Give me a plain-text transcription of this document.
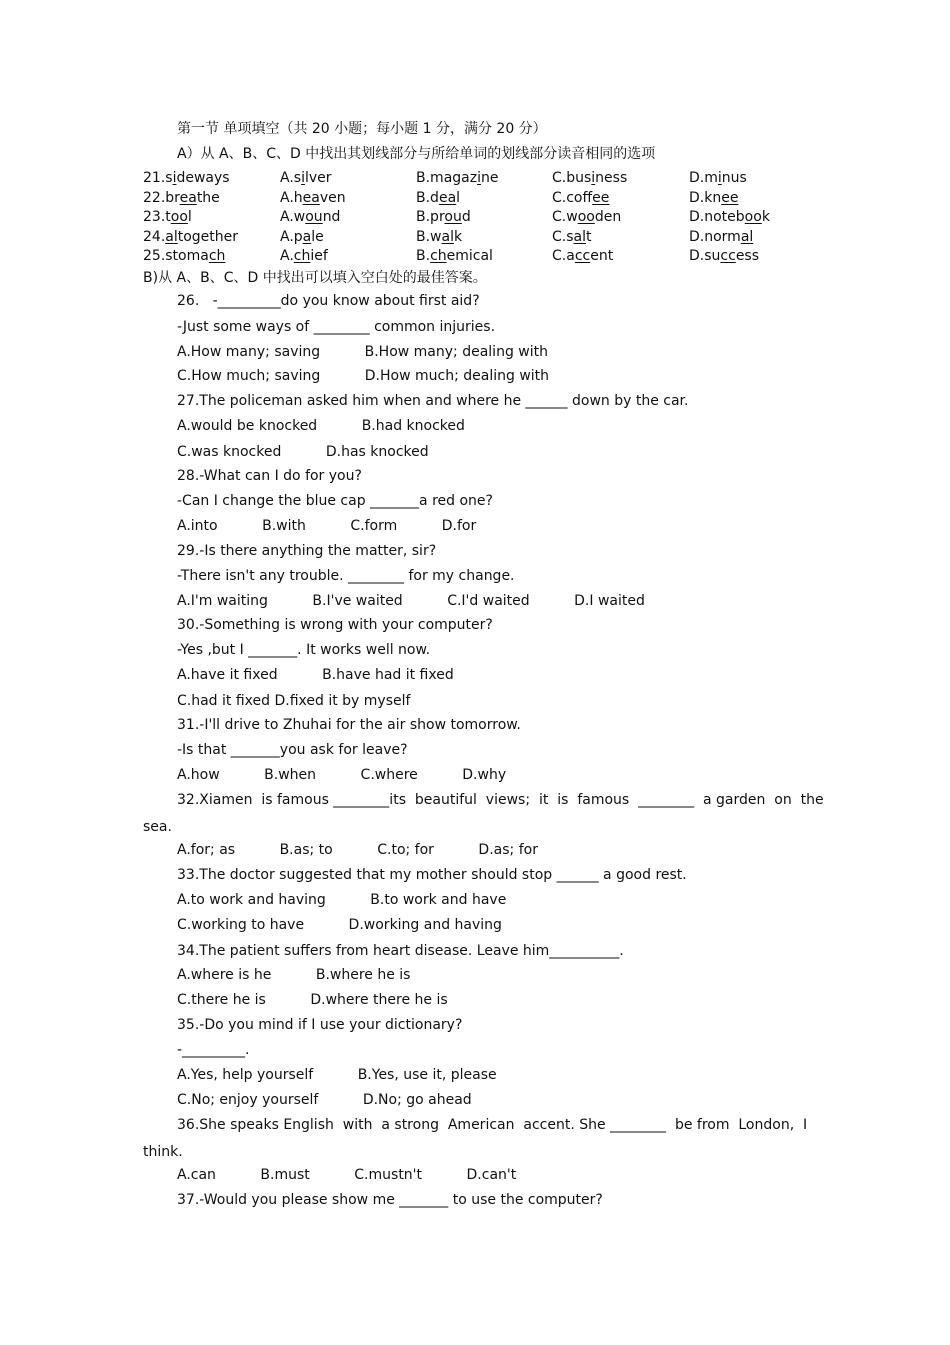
第一节 单项填空（共 20 小题；每小题 1 分，满分 20 分）
A）从 A、B、C、D 中找出其划线部分与所给单词的划线部分读音相同的选项
21.sideways	A.silver	B.magazine	C.business	D.minus
22.breathe	A.heaven	B.deal	C.coffee	D.knee
23.tool	A.wound	B.proud	C.wooden	D.notebook
24.altogether	A.pale	B.walk	C.salt	D.normal
25.stomach	A.chief	B.chemical	C.accent	D.success
B)从 A、B、C、D 中找出可以填入空白处的最佳答案。
26.   -_________do you know about first aid?
-Just some ways of ________ common injuries.
A.How many; saving          B.How many; dealing with
C.How much; saving          D.How much; dealing with
27.The policeman asked him when and where he ______ down by the car.
A.would be knocked          B.had knocked
C.was knocked          D.has knocked
28.-What can I do for you?
-Can I change the blue cap _______a red one?
A.into          B.with          C.form          D.for
29.-Is there anything the matter, sir?
-There isn't any trouble. ________ for my change.
A.I'm waiting          B.I've waited          C.I'd waited          D.I waited
30.-Something is wrong with your computer?
-Yes ,but I _______. It works well now.
A.have it fixed          B.have had it fixed
C.had it fixed D.fixed it by myself
31.-I'll drive to Zhuhai for the air show tomorrow.
-Is that _______you ask for leave?
A.how          B.when          C.where          D.why
32.Xiamen  is famous ________its  beautiful  views;  it  is  famous  ________  a garden  on  the
sea.
A.for; as          B.as; to          C.to; for          D.as; for
33.The doctor suggested that my mother should stop ______ a good rest.
A.to work and having          B.to work and have
C.working to have          D.working and having
34.The patient suffers from heart disease. Leave him__________.
A.where is he          B.where he is
C.there he is          D.where there he is
35.-Do you mind if I use your dictionary?
-_________.
A.Yes, help yourself          B.Yes, use it, please
C.No; enjoy yourself          D.No; go ahead
36.She speaks English  with  a strong  American  accent. She ________  be from  London,  I
think.
A.can          B.must          C.mustn't          D.can't
37.-Would you please show me _______ to use the computer?
